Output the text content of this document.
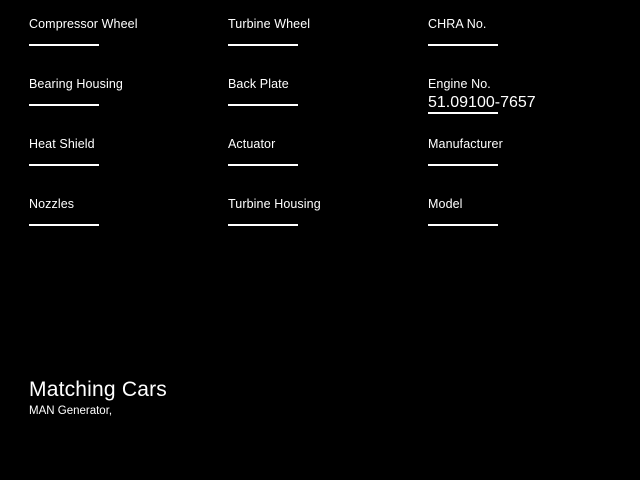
Compressor Wheel
Bearing Housing
Heat Shield
Nozzles
Turbine Wheel
Back Plate
Actuator
Turbine Housing
CHRA No.
Engine No.
51.09100-7657
Manufacturer
Model
Matching Cars
MAN Generator,
